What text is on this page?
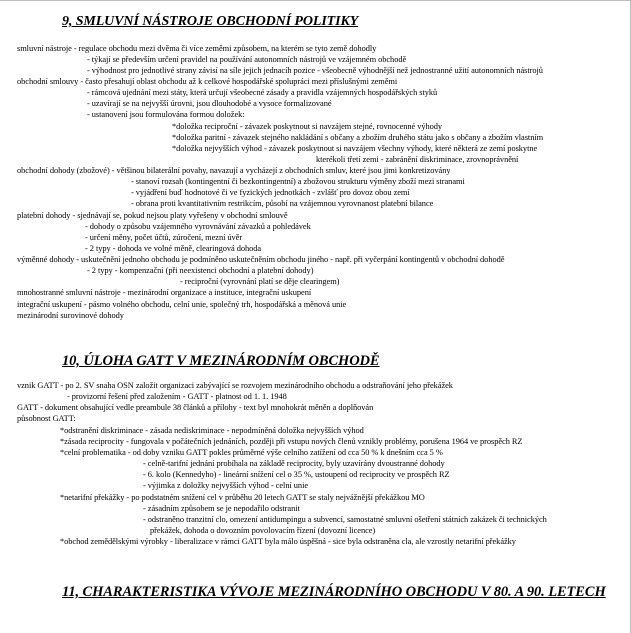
9, SMLUVNÍ NÁSTROJE OBCHODNÍ POLITIKY
10, ÚLOHA GATT V MEZINÁRODNÍM OBCHODĚ
11, CHARAKTERISTIKA VÝVOJE MEZINÁRODNÍHO OBCHODU V 80. A 90. LETECH
smluvní nástroje - regulace obchodu mezi dvěma či více zeměmi způsobem, na kterém se tyto země dohodly
- týkají se především určení pravidel na používání autonomních nástrojů ve vzájemném obchodě
- výhodnost pro jednotlivé strany závisí na síle jejich jednacíh pozice - všeobecně výhodnější než jednostranné užití autonomních nástrojů
obchodní smlouvy - často přesahují oblast obchodu až k celkové hospodářské spolupráci mezi příslušnými zeměmi
- rámcová ujednání mezi státy, která určují všeobecné zásady a pravidla vzájemných hospodářských styků
- uzavírají se na nejvyšší úrovni, jsou dlouhodobé a vysoce formalizované
- ustanovení jsou formulována formou doložek:
*doložka reciproční - závazek poskytnout si navzájem stejné, rovnocenné výhody
*doložka paritní - závazek stejného nakládání s občany a zbožím druhého státu jako s občany a zbožím vlastním
*doložka nejvyšších výhod - závazek poskytnout si navzájem všechny výhody, které některá ze zemí poskytne
kterékoli třetí zemi - zabránění diskriminace, zrovnoprávnění
obchodní dohody (zbožové) - většinou bilaterální povahy, navazují a vycházejí z obchodních smluv, které jsou jimi konkretizovány
- stanoví rozsah (kontingentní či bezkontingentní) a zbožovou strukturu výměny zboží mezi stranami
- vyjádření buď hodnotové či ve fyzických jednotkách - zvlášť pro dovoz obou zemí
- obrana proti kvantitativním restrikcím, působí na vzájemnou vyrovnanost platební bilance
platební dohody - sjednávají se, pokud nejsou platy vyřešeny v obchodní smlouvě
- dohody o způsobu vzájemného vyrovnávání závazků a pohledávek
- určení měny, počet účtů, zúročení, mezní úvěr
- 2 typy - dohoda ve volné měně, clearingová dohoda
výměnné dohody - uskutečnění jednoho obchodu je podmíněno uskutečněním obchodu jiného - např. při vyčerpání kontingentů v obchodní dohodě
- 2 typy - kompenzační (při neexistenci obchodní a platební dohody)
- reciproční (vyrovnání platí se děje clearingem)
mnohostranné smluvní nástroje - mezinárodní organizace a instituce, integrační uskupení
integrační uskupení - pásmo volného obchodu, celní unie, společný trh, hospodářská a měnová unie
mezinárodní surovinové dohody
vznik GATT - po 2. SV snaha OSN založit organizaci zabývající se rozvojem mezinárodního obchodu a odstraňování jeho překážek
- provizorní řešení před založením - GATT - platnost od 1. 1. 1948
GATT - dokument obsahující vedle preambule 38 článků a přílohy - text byl mnohokrát měněn a doplňován
působnost GATT:
*odstranění diskriminace - zásada nediskriminace - nepodmíněná doložka nejvyšších výhod
*zásada reciprocity - fungovala v počátečních jednáních, později při vstupu nových členů vznikly problémy, porušena 1964 ve prospěch RZ
*celní problematika - od doby vzniku GATT pokles průměrné výše celního zatížení od cca 50 % k dnešním cca 5 %
- celně-tarifní jednání probíhala na základě reciprocity, byly uzavírány dvoustranné dohody
- 6. kolo (Kennedyho) - lineární snížení cel o 35 %, ustoupení od reciprocity ve prospěch RZ
- výjimka z doložky nejvyšších výhod - celní unie
*netarifní překážky - po podstatném snížení cel v průběhu 20 letech GATT se staly nejvážnější překážkou MO
- zásadním způsobem se je nepodařilo odstranit
- odstraněno tranzitní clo, omezení antidumpingu a subvencí, samostatné smluvní ošetření státních zakázek či technických
překážek, dohoda o dovozním povolovacím řízení (dovozní licence)
*obchod zemědělskými výrobky - liberalizace v rámci GATT byla málo úspěšná - sice byla odstraněna cla, ale vzrostly netarifní překážky
